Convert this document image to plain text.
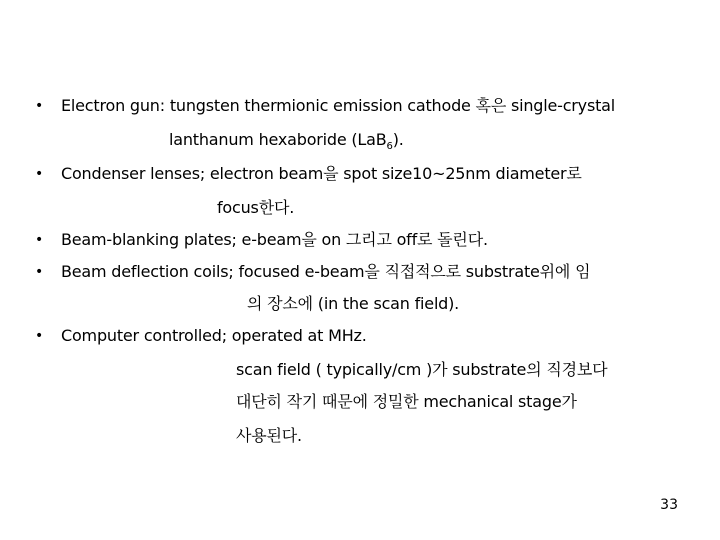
• Electron gun: tungsten thermionic emission cathode 혹은 single-crystal
lanthanum hexaboride (LaB$_6$).
• Condenser lenses; electron beam을 spot size10~25nm diameter로
focus한다.
• Beam-blanking plates; e-beam을 on 그리고 off로 돌린다.
• Beam deflection coils; focused e-beam을 직접적으로 substrate위에 임
의 장소에 (in the scan field).
• Computer controlled; operated at MHz.
scan field ( typically/cm )가 substrate의 직경보다
대단히 작기 때문에 정밀한 mechanical stage가
사용된다.
33
